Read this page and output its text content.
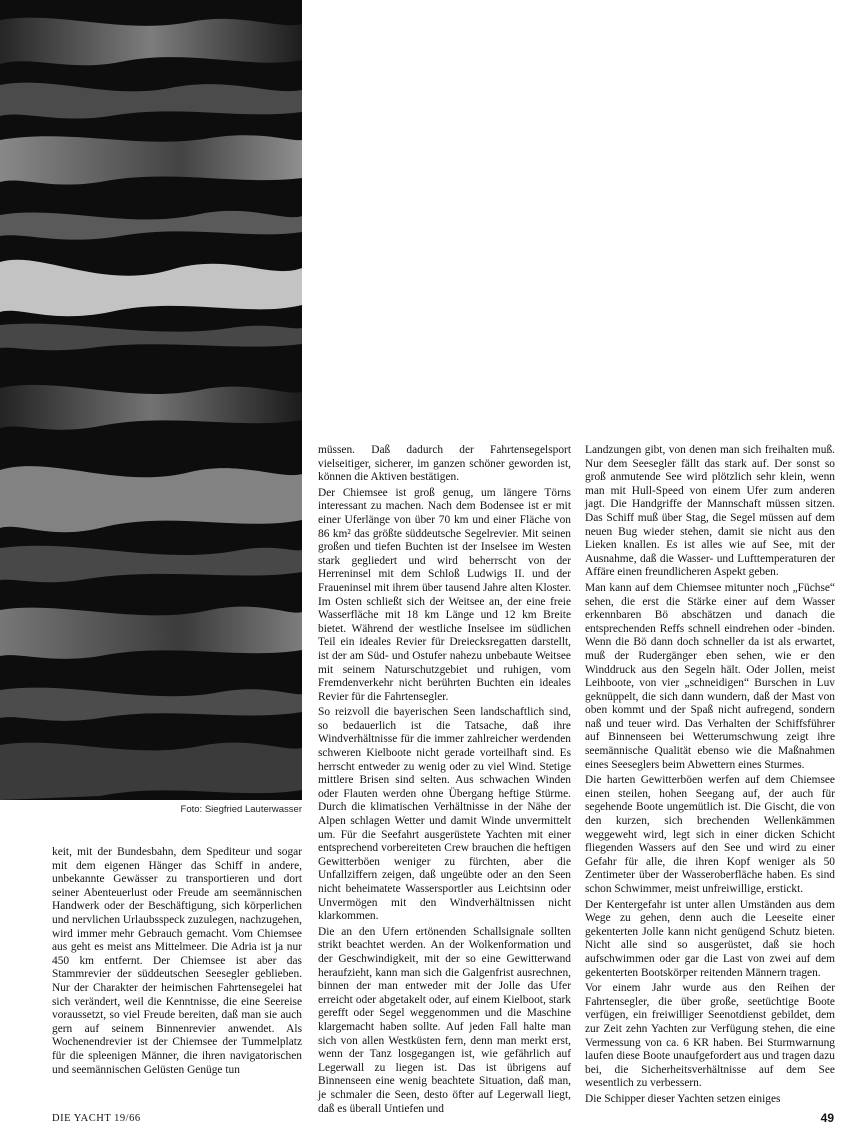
Foto: Siegfried Lauterwasser

keit, mit der Bundesbahn, dem Spediteur und sogar mit dem eigenen Hänger das Schiff in andere, unbekannte Gewässer zu transportieren und dort seiner Abenteuerlust oder Freude am seemännischen Handwerk oder der Beschäftigung, sich körperlichen und nervlichen Urlaubsspeck zuzulegen, nachzugehen, wird immer mehr Gebrauch gemacht. Vom Chiemsee aus geht es meist ans Mittelmeer. Die Adria ist ja nur 450 km entfernt. Der Chiemsee ist aber das Stammrevier der süddeutschen Seesegler geblieben. Nur der Charakter der heimischen Fahrtensegelei hat sich verändert, weil die Kenntnisse, die eine Seereise voraussetzt, so viel Freude bereiten, daß man sie auch gern auf seinem Binnenrevier anwendet. Als Wochenendrevier ist der Chiemsee der Tummelplatz für die spleenigen Männer, die ihren navigatorischen und seemännischen Gelüsten Genüge tun

müssen. Daß dadurch der Fahrtensegelsport vielseitiger, sicherer, im ganzen schöner geworden ist, können die Aktiven bestätigen.

Der Chiemsee ist groß genug, um längere Törns interessant zu machen. Nach dem Bodensee ist er mit einer Uferlänge von über 70 km und einer Fläche von 86 km² das größte süddeutsche Segelrevier. Mit seinen großen und tiefen Buchten ist der Inselsee im Westen stark gegliedert und wird beherrscht von der Herreninsel mit dem Schloß Ludwigs II. und der Fraueninsel mit ihrem über tausend Jahre alten Kloster. Im Osten schließt sich der Weitsee an, der eine freie Wasserfläche mit 18 km Länge und 12 km Breite bietet. Während der westliche Inselsee im südlichen Teil ein ideales Revier für Dreiecksregatten darstellt, ist der am Süd- und Ostufer nahezu unbebaute Weitsee mit seinem Naturschutzgebiet und ruhigen, vom Fremdenverkehr nicht berührten Buchten ein ideales Revier für die Fahrtensegler.

So reizvoll die bayerischen Seen landschaftlich sind, so bedauerlich ist die Tatsache, daß ihre Windverhältnisse für die immer zahlreicher werdenden schweren Kielboote nicht gerade vorteilhaft sind. Es herrscht entweder zu wenig oder zu viel Wind. Stetige mittlere Brisen sind selten. Aus schwachen Winden oder Flauten werden ohne Übergang heftige Stürme. Durch die klimatischen Verhältnisse in der Nähe der Alpen schlagen Wetter und damit Winde unvermittelt um. Für die Seefahrt ausgerüstete Yachten mit einer entsprechend vorbereiteten Crew brauchen die heftigen Gewitterböen weniger zu fürchten, aber die Unfallziffern zeigen, daß ungeübte oder an den Seen nicht beheimatete Wassersportler aus Leichtsinn oder Unvermögen mit den Windverhältnissen nicht klarkommen.

Die an den Ufern ertönenden Schallsignale sollten strikt beachtet werden. An der Wolkenformation und der Geschwindigkeit, mit der so eine Gewitterwand heraufzieht, kann man sich die Galgenfrist ausrechnen, binnen der man entweder mit der Jolle das Ufer erreicht oder abgetakelt oder, auf einem Kielboot, stark gerefft oder Segel weggenommen und die Maschine klargemacht haben sollte. Auf jeden Fall halte man sich von allen Westküsten fern, denn man merkt erst, wenn der Tanz losgegangen ist, wie gefährlich auf Legerwall zu liegen ist. Das ist übrigens auf Binnenseen eine wenig beachtete Situation, daß man, je schmaler die Seen, desto öfter auf Legerwall liegt, daß es überall Untiefen und

Landzungen gibt, von denen man sich freihalten muß. Nur dem Seesegler fällt das stark auf. Der sonst so groß anmutende See wird plötzlich sehr klein, wenn man mit Hull-Speed von einem Ufer zum anderen jagt. Die Handgriffe der Mannschaft müssen sitzen. Das Schiff muß über Stag, die Segel müssen auf dem neuen Bug wieder stehen, damit sie nicht aus den Lieken knallen. Es ist alles wie auf See, mit der Ausnahme, daß die Wasser- und Lufttemperaturen der Affäre einen freundlicheren Aspekt geben.

Man kann auf dem Chiemsee mitunter noch „Füchse“ sehen, die erst die Stärke einer auf dem Wasser erkennbaren Bö abschätzen und danach die entsprechenden Reffs schnell eindrehen oder -binden. Wenn die Bö dann doch schneller da ist als erwartet, muß der Rudergänger eben sehen, wie er den Winddruck aus den Segeln hält. Oder Jollen, meist Leihboote, von vier „schneidigen“ Burschen in Luv geknüppelt, die sich dann wundern, daß der Mast von oben kommt und der Spaß nicht aufregend, sondern naß und teuer wird. Das Verhalten der Schiffsführer auf Binnenseen bei Wetterumschwung zeigt ihre seemännische Qualität ebenso wie die Maßnahmen eines Seeseglers beim Abwettern eines Sturmes.

Die harten Gewitterböen werfen auf dem Chiemsee einen steilen, hohen Seegang auf, der auch für segehende Boote ungemütlich ist. Die Gischt, die von den kurzen, sich brechenden Wellenkämmen weggeweht wird, legt sich in einer dicken Schicht fliegenden Wassers auf den See und wird zu einer Gefahr für alle, die ihren Kopf weniger als 50 Zentimeter über der Wasseroberfläche haben. Es sind schon Schwimmer, meist unfreiwillige, erstickt.

Der Kentergefahr ist unter allen Umständen aus dem Wege zu gehen, denn auch die Leeseite einer gekenterten Jolle kann nicht genügend Schutz bieten. Nicht alle sind so ausgerüstet, daß sie hoch aufschwimmen oder gar die Last von zwei auf dem gekenterten Bootskörper reitenden Männern tragen.

Vor einem Jahr wurde aus den Reihen der Fahrtensegler, die über große, seetüchtige Boote verfügen, ein freiwilliger Seenotdienst gebildet, dem zur Zeit zehn Yachten zur Verfügung stehen, die eine Vermessung von ca. 6 KR haben. Bei Sturmwarnung laufen diese Boote unaufgefordert aus und tragen dazu bei, die Sicherheitsverhältnisse auf dem See wesentlich zu verbessern.

Die Schipper dieser Yachten setzen einiges

DIE YACHT 19/66	49
